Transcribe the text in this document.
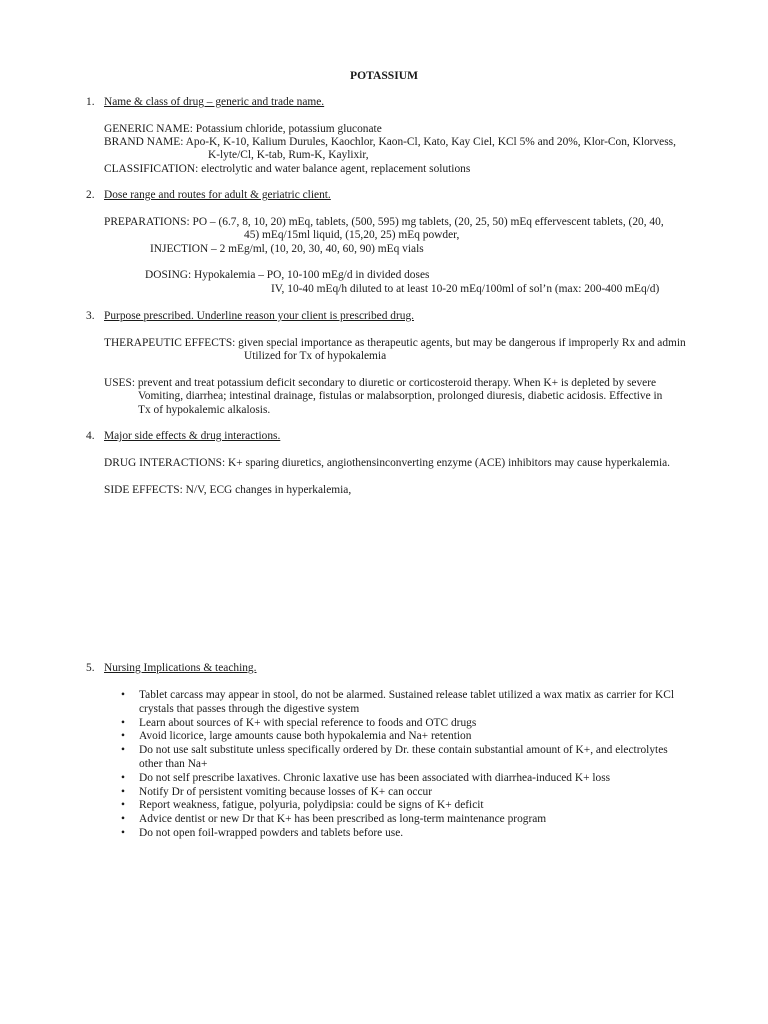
POTASSIUM
1. Name & class of drug – generic and trade name.
GENERIC NAME: Potassium chloride, potassium gluconate
BRAND NAME: Apo-K, K-10, Kalium Durules, Kaochlor, Kaon-Cl, Kato, Kay Ciel, KCl 5% and 20%, Klor-Con, Klorvess,
K-lyte/Cl, K-tab, Rum-K, Kaylixir,
CLASSIFICATION: electrolytic and water balance agent, replacement solutions
2. Dose range and routes for adult & geriatric client.
PREPARATIONS: PO – (6.7, 8, 10, 20) mEq, tablets, (500, 595) mg tablets, (20, 25, 50) mEq effervescent tablets, (20, 40,
45) mEq/15ml liquid, (15,20, 25) mEq powder,
INJECTION – 2 mEg/ml, (10, 20, 30, 40, 60, 90) mEq vials
DOSING: Hypokalemia – PO, 10-100 mEg/d in divided doses
IV, 10-40 mEq/h diluted to at least 10-20 mEq/100ml of sol’n (max: 200-400 mEq/d)
3. Purpose prescribed. Underline reason your client is prescribed drug.
THERAPEUTIC EFFECTS: given special importance as therapeutic agents, but may be dangerous if improperly Rx and admin
Utilized for Tx of hypokalemia
USES: prevent and treat potassium deficit secondary to diuretic or corticosteroid therapy. When K+ is depleted by severe
Vomiting, diarrhea; intestinal drainage, fistulas or malabsorption, prolonged diuresis, diabetic acidosis. Effective in
Tx of hypokalemic alkalosis.
4. Major side effects & drug interactions.
DRUG INTERACTIONS: K+ sparing diuretics, angiothensinconverting enzyme (ACE) inhibitors may cause hyperkalemia.
SIDE EFFECTS: N/V, ECG changes in hyperkalemia,
5. Nursing Implications & teaching.
• Tablet carcass may appear in stool, do not be alarmed. Sustained release tablet utilized a wax matix as carrier for KCl
crystals that passes through the digestive system
• Learn about sources of K+ with special reference to foods and OTC drugs
• Avoid licorice, large amounts cause both hypokalemia and Na+ retention
• Do not use salt substitute unless specifically ordered by Dr. these contain substantial amount of K+, and electrolytes
other than Na+
• Do not self prescribe laxatives. Chronic laxative use has been associated with diarrhea-induced K+ loss
• Notify Dr of persistent vomiting because losses of K+ can occur
• Report weakness, fatigue, polyuria, polydipsia: could be signs of K+ deficit
• Advice dentist or new Dr that K+ has been prescribed as long-term maintenance program
• Do not open foil-wrapped powders and tablets before use.
